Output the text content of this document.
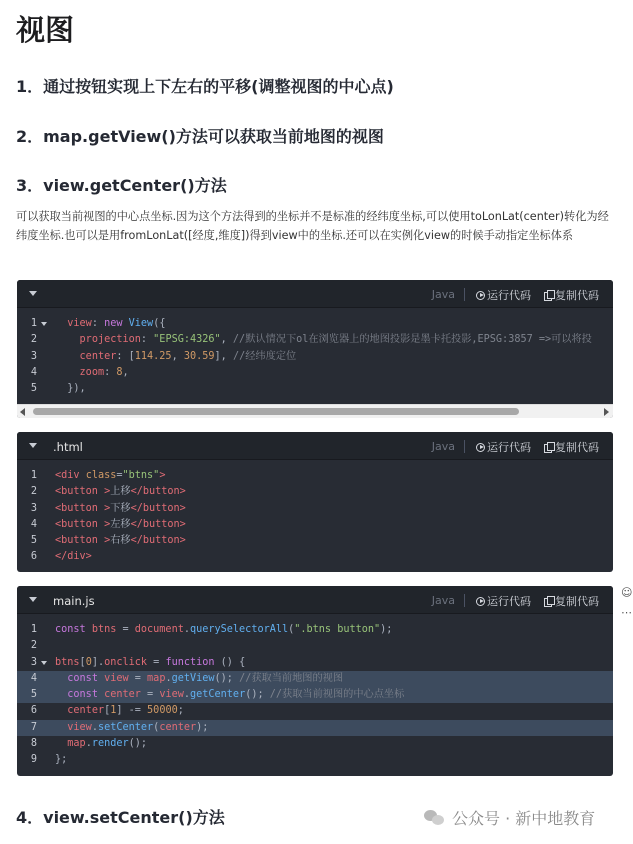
视图
1．通过按钮实现上下左右的平移(调整视图的中心点)
2．map.getView()方法可以获取当前地图的视图
3．view.getCenter()方法
可以获取当前视图的中心点坐标.因为这个方法得到的坐标并不是标准的经纬度坐标,可以使用toLonLat(center)转化为经纬度坐标.也可以是用fromLonLat([经度,维度])得到view中的坐标.还可以在实例化view的时候手动指定坐标体系
Java	运行代码 复制代码
1	view: new View({
2	projection: "EPSG:4326", //默认情况下ol在浏览器上的地图投影是墨卡托投影,EPSG:3857 =>可以将投
3	center: [114.25, 30.59], //经纬度定位
4	zoom: 8,
5 }),
.html	Java	运行代码 复制代码
1 <div class="btns">
2 <button >上移</button>
3 <button >下移</button>
4 <button >左移</button>
5 <button >右移</button>
6 </div>
main.js	Java	运行代码 复制代码
1 const btns = document.querySelectorAll(".btns button");
2
3 btns[0].onclick = function () {
4	const view = map.getView(); //获取当前地图的视图
5	const center = view.getCenter(); //获取当前视图的中心点坐标
6	center[1] -= 50000;
7	view.setCenter(center);
8	map.render();
9 };
☺
⋯
4．view.setCenter()方法	公众号 · 新中地教育
